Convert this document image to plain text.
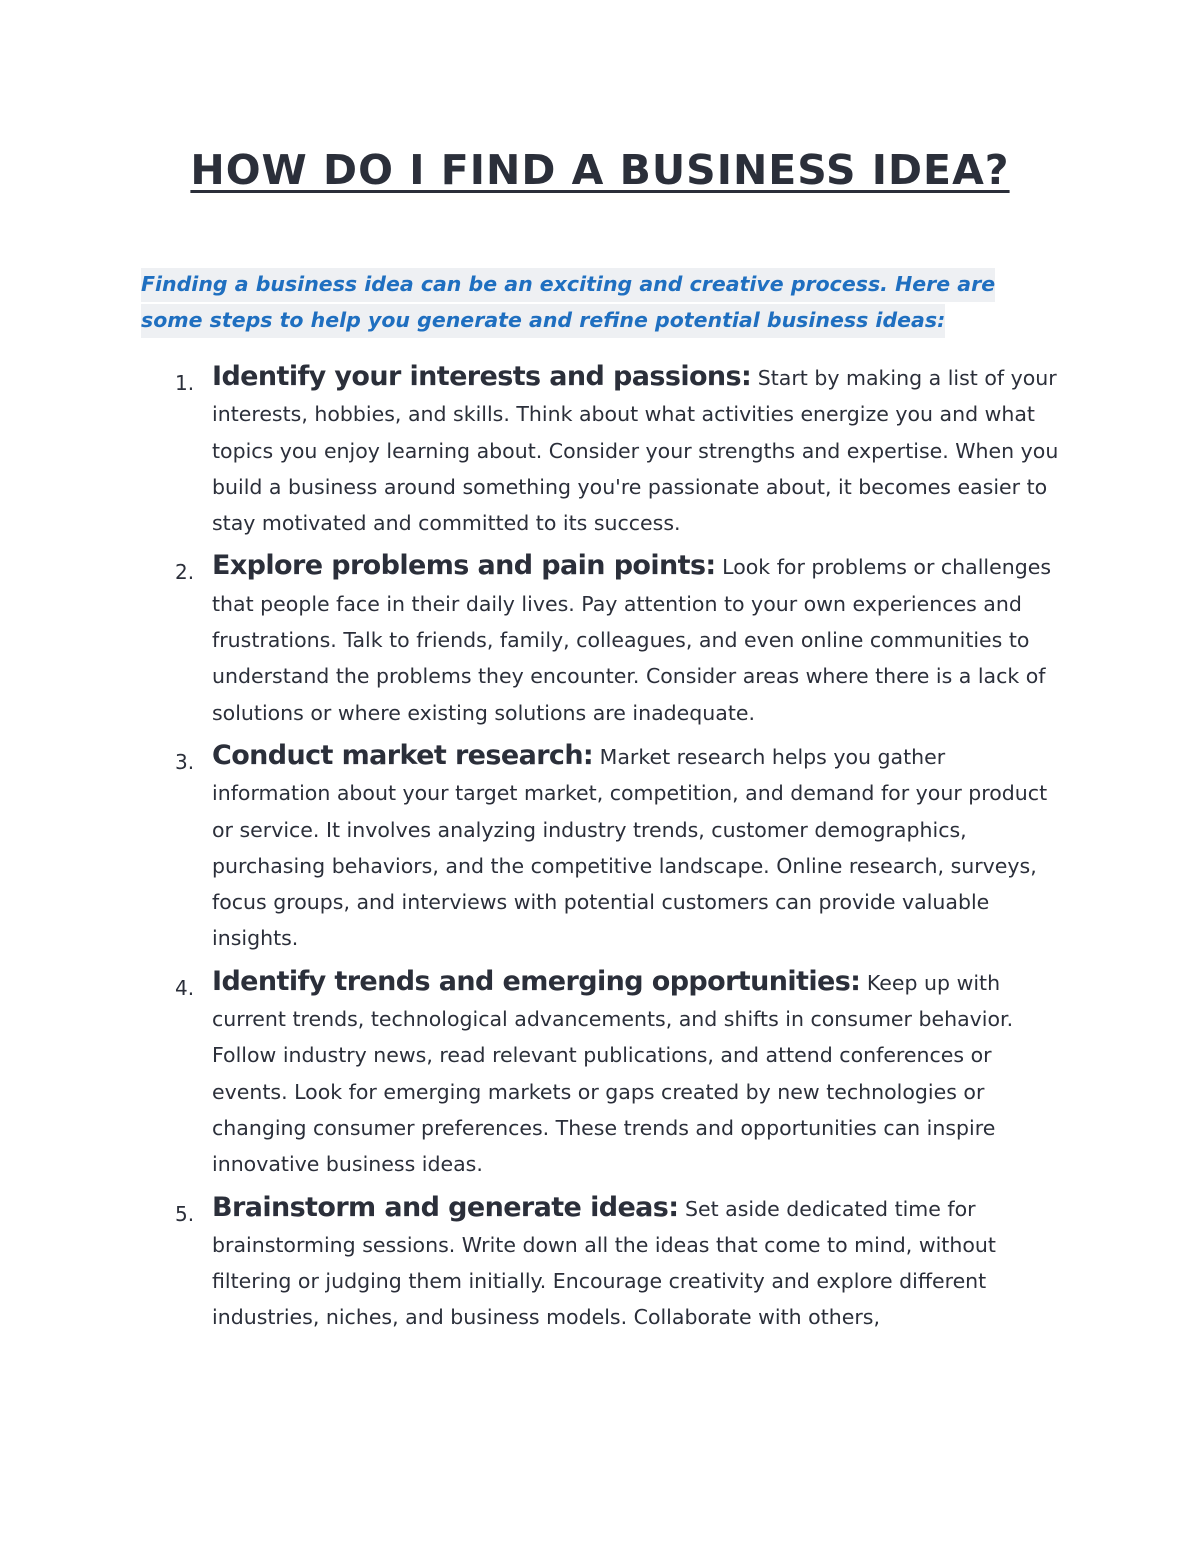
HOW DO I FIND A BUSINESS IDEA?
Finding a business idea can be an exciting and creative process. Here are some steps to help you generate and refine potential business ideas:
1. Identify your interests and passions: Start by making a list of your interests, hobbies, and skills. Think about what activities energize you and what topics you enjoy learning about. Consider your strengths and expertise. When you build a business around something you're passionate about, it becomes easier to stay motivated and committed to its success.
2. Explore problems and pain points: Look for problems or challenges that people face in their daily lives. Pay attention to your own experiences and frustrations. Talk to friends, family, colleagues, and even online communities to understand the problems they encounter. Consider areas where there is a lack of solutions or where existing solutions are inadequate.
3. Conduct market research: Market research helps you gather information about your target market, competition, and demand for your product or service. It involves analyzing industry trends, customer demographics, purchasing behaviors, and the competitive landscape. Online research, surveys, focus groups, and interviews with potential customers can provide valuable insights.
4. Identify trends and emerging opportunities: Keep up with current trends, technological advancements, and shifts in consumer behavior. Follow industry news, read relevant publications, and attend conferences or events. Look for emerging markets or gaps created by new technologies or changing consumer preferences. These trends and opportunities can inspire innovative business ideas.
5. Brainstorm and generate ideas: Set aside dedicated time for brainstorming sessions. Write down all the ideas that come to mind, without filtering or judging them initially. Encourage creativity and explore different industries, niches, and business models. Collaborate with others,
